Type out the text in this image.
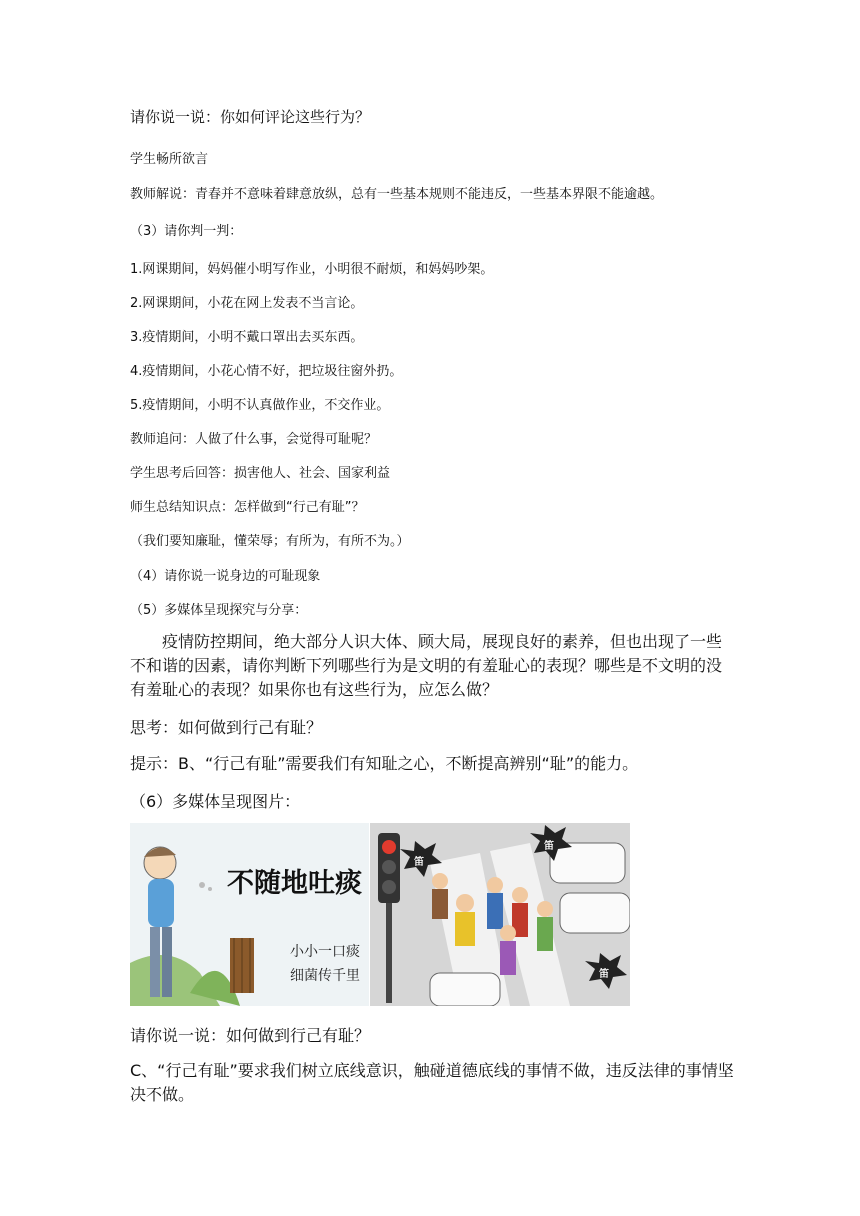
请你说一说：你如何评论这些行为？
学生畅所欲言
教师解说：青春并不意味着肆意放纵，总有一些基本规则不能违反，一些基本界限不能逾越。
（3）请你判一判：
1.网课期间，妈妈催小明写作业，小明很不耐烦，和妈妈吵架。
2.网课期间，小花在网上发表不当言论。
3.疫情期间，小明不戴口罩出去买东西。
4.疫情期间，小花心情不好，把垃圾往窗外扔。
5.疫情期间，小明不认真做作业，不交作业。
教师追问：人做了什么事，会觉得可耻呢？
学生思考后回答：损害他人、社会、国家利益
师生总结知识点：怎样做到“行己有耻”？
（我们要知廉耻，懂荣辱；有所为，有所不为。）
（4）请你说一说身边的可耻现象
（5）多媒体呈现探究与分享：
疫情防控期间，绝大部分人识大体、顾大局，展现良好的素养，但也出现了一些不和谐的因素，请你判断下列哪些行为是文明的有羞耻心的表现？哪些是不文明的没有羞耻心的表现？如果你也有这些行为，应怎么做？
思考：如何做到行己有耻？
提示：B、“行己有耻”需要我们有知耻之心，不断提高辨别“耻”的能力。
（6）多媒体呈现图片：
不随地吐痰
小小一口痰
细菌传千里
笛
笛
笛
请你说一说：如何做到行己有耻？
C、“行己有耻”要求我们树立底线意识，触碰道德底线的事情不做，违反法律的事情坚决不做。
